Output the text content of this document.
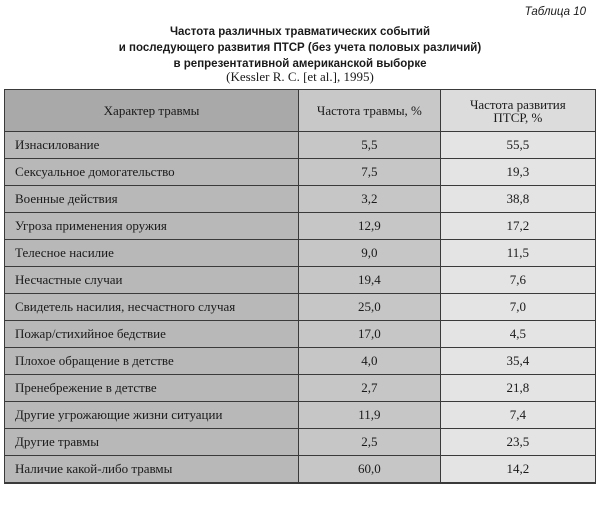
Таблица 10
Частота различных травматических событий
и последующего развития ПТСР (без учета половых различий)
в репрезентативной американской выборке
(Kessler R. C. [et al.], 1995)
Характер травмы	Частота травмы, %	Частота развития
ПТСР, %

Изнасилование	5,5	55,5
Сексуальное домогательство	7,5	19,3
Военные действия	3,2	38,8
Угроза применения оружия	12,9	17,2
Телесное насилие	9,0	11,5
Несчастные случаи	19,4	7,6
Свидетель насилия, несчастного случая	25,0	7,0
Пожар/стихийное бедствие	17,0	4,5
Плохое обращение в детстве	4,0	35,4
Пренебрежение в детстве	2,7	21,8
Другие угрожающие жизни ситуации	11,9	7,4
Другие травмы	2,5	23,5
Наличие какой-либо травмы	60,0	14,2
